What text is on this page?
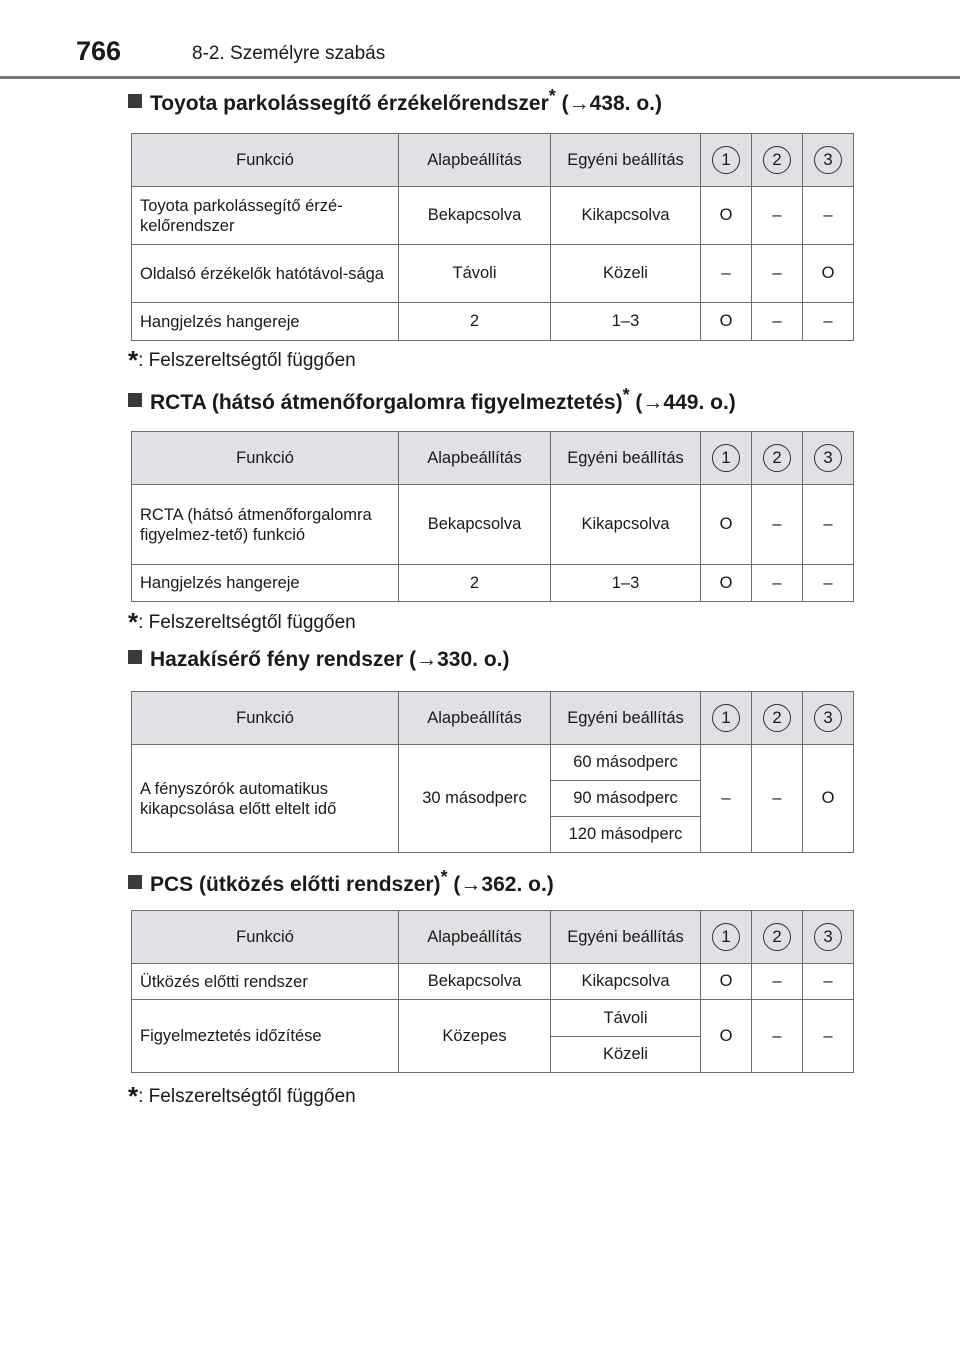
766	8-2. Személyre szabás
Toyota parkolássegítő érzékelőrendszer* (→438. o.)
Funkció	Alapbeállítás	Egyéni beállítás	1	2	3
Toyota parkolássegítő érzé-kelőrendszer	Bekapcsolva	Kikapcsolva	O	–	–
Oldalsó érzékelők hatótávol-sága	Távoli	Közeli	–	–	O
Hangjelzés hangereje	2	1–3	O	–	–
*: Felszereltségtől függően
RCTA (hátsó átmenőforgalomra figyelmeztetés)* (→449. o.)
Funkció	Alapbeállítás	Egyéni beállítás	1	2	3
RCTA (hátsó átmenőforgalomra figyelmez-tető) funkció	Bekapcsolva	Kikapcsolva	O	–	–
Hangjelzés hangereje	2	1–3	O	–	–
*: Felszereltségtől függően
Hazakísérő fény rendszer (→330. o.)
Funkció	Alapbeállítás	Egyéni beállítás	1	2	3
A fényszórók automatikus kikapcsolása előtt eltelt idő	30 másodperc	60 másodperc	–	–	O
		90 másodperc			
		120 másodperc			
PCS (ütközés előtti rendszer)* (→362. o.)
Funkció	Alapbeállítás	Egyéni beállítás	1	2	3
Ütközés előtti rendszer	Bekapcsolva	Kikapcsolva	O	–	–
Figyelmeztetés időzítése	Közepes	Távoli	O	–	–
		Közeli			
*: Felszereltségtől függően
